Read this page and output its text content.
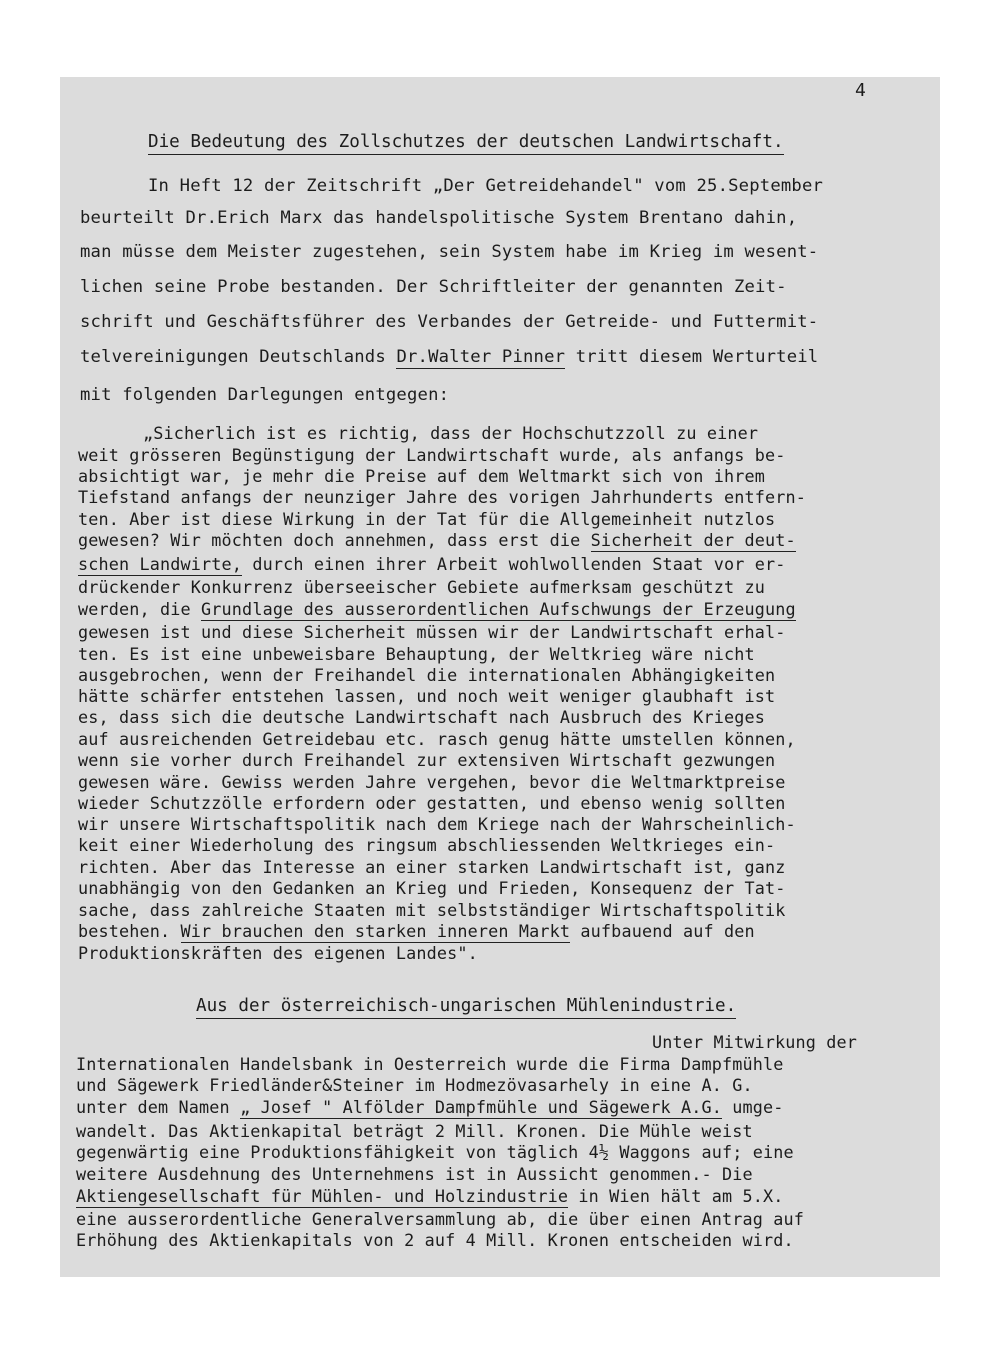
4
Die Bedeutung des Zollschutzes der deutschen Landwirtschaft.
In Heft 12 der Zeitschrift „Der Getreidehandel" vom 25.September
beurteilt Dr.Erich Marx das handelspolitische System Brentano dahin,
man müsse dem Meister zugestehen, sein System habe im Krieg im wesent-
lichen seine Probe bestanden. Der Schriftleiter der genannten Zeit-
schrift und Geschäftsführer des Verbandes der Getreide- und Futtermit-
telvereinigungen Deutschlands Dr.Walter Pinner tritt diesem Werturteil
mit folgenden Darlegungen entgegen:
„Sicherlich ist es richtig, dass der Hochschutzzoll zu einer
weit grösseren Begünstigung der Landwirtschaft wurde, als anfangs be-
absichtigt war, je mehr die Preise auf dem Weltmarkt sich von ihrem
Tiefstand anfangs der neunziger Jahre des vorigen Jahrhunderts entfern-
ten. Aber ist diese Wirkung in der Tat für die Allgemeinheit nutzlos
gewesen? Wir möchten doch annehmen, dass erst die Sicherheit der deut-
schen Landwirte, durch einen ihrer Arbeit wohlwollenden Staat vor er-
drückender Konkurrenz überseeischer Gebiete aufmerksam geschützt zu
werden, die Grundlage des ausserordentlichen Aufschwungs der Erzeugung
gewesen ist und diese Sicherheit müssen wir der Landwirtschaft erhal-
ten. Es ist eine unbeweisbare Behauptung, der Weltkrieg wäre nicht
ausgebrochen, wenn der Freihandel die internationalen Abhängigkeiten
hätte schärfer entstehen lassen, und noch weit weniger glaubhaft ist
es, dass sich die deutsche Landwirtschaft nach Ausbruch des Krieges
auf ausreichenden Getreidebau etc. rasch genug hätte umstellen können,
wenn sie vorher durch Freihandel zur extensiven Wirtschaft gezwungen
gewesen wäre. Gewiss werden Jahre vergehen, bevor die Weltmarktpreise
wieder Schutzzölle erfordern oder gestatten, und ebenso wenig sollten
wir unsere Wirtschaftspolitik nach dem Kriege nach der Wahrscheinlich-
keit einer Wiederholung des ringsum abschliessenden Weltkrieges ein-
richten. Aber das Interesse an einer starken Landwirtschaft ist, ganz
unabhängig von den Gedanken an Krieg und Frieden, Konsequenz der Tat-
sache, dass zahlreiche Staaten mit selbstständiger Wirtschaftspolitik
bestehen. Wir brauchen den starken inneren Markt aufbauend auf den
Produktionskräften des eigenen Landes".
Aus der österreichisch-ungarischen Mühlenindustrie.
Unter Mitwirkung der
Internationalen Handelsbank in Oesterreich wurde die Firma Dampfmühle
und Sägewerk Friedländer&Steiner im Hodmezövasarhely in eine A. G.
unter dem Namen „ Josef " Alfölder Dampfmühle und Sägewerk A.G. umge-
wandelt. Das Aktienkapital beträgt 2 Mill. Kronen. Die Mühle weist
gegenwärtig eine Produktionsfähigkeit von täglich 4½ Waggons auf; eine
weitere Ausdehnung des Unternehmens ist in Aussicht genommen.- Die
Aktiengesellschaft für Mühlen- und Holzindustrie in Wien hält am 5.X.
eine ausserordentliche Generalversammlung ab, die über einen Antrag auf
Erhöhung des Aktienkapitals von 2 auf 4 Mill. Kronen entscheiden wird.
